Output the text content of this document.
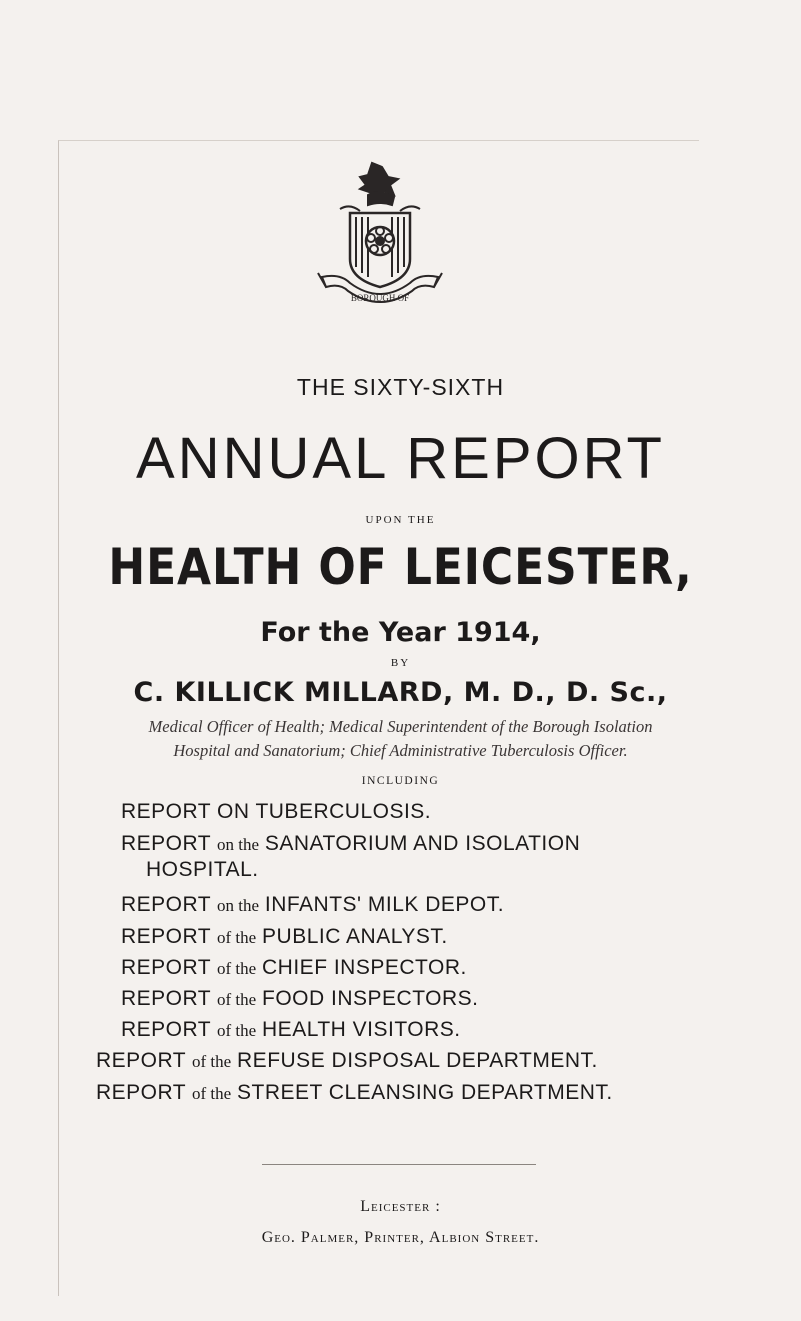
BOROUGH OF
THE SIXTY-SIXTH
ANNUAL REPORT
UPON THE
HEALTH OF LEICESTER,
For the Year 1914,
BY
C. KILLICK MILLARD, M. D., D. Sc.,
Medical Officer of Health; Medical Superintendent of the Borough Isolation
Hospital and Sanatorium; Chief Administrative Tuberculosis Officer.
INCLUDING
REPORT ON TUBERCULOSIS.
REPORT on the SANATORIUM AND ISOLATION
HOSPITAL.
REPORT on the INFANTS' MILK DEPOT.
REPORT of the PUBLIC ANALYST.
REPORT of the CHIEF INSPECTOR.
REPORT of the FOOD INSPECTORS.
REPORT of the HEALTH VISITORS.
REPORT of the REFUSE DISPOSAL DEPARTMENT.
REPORT of the STREET CLEANSING DEPARTMENT.
Leicester :
Geo. Palmer, Printer, Albion Street.
